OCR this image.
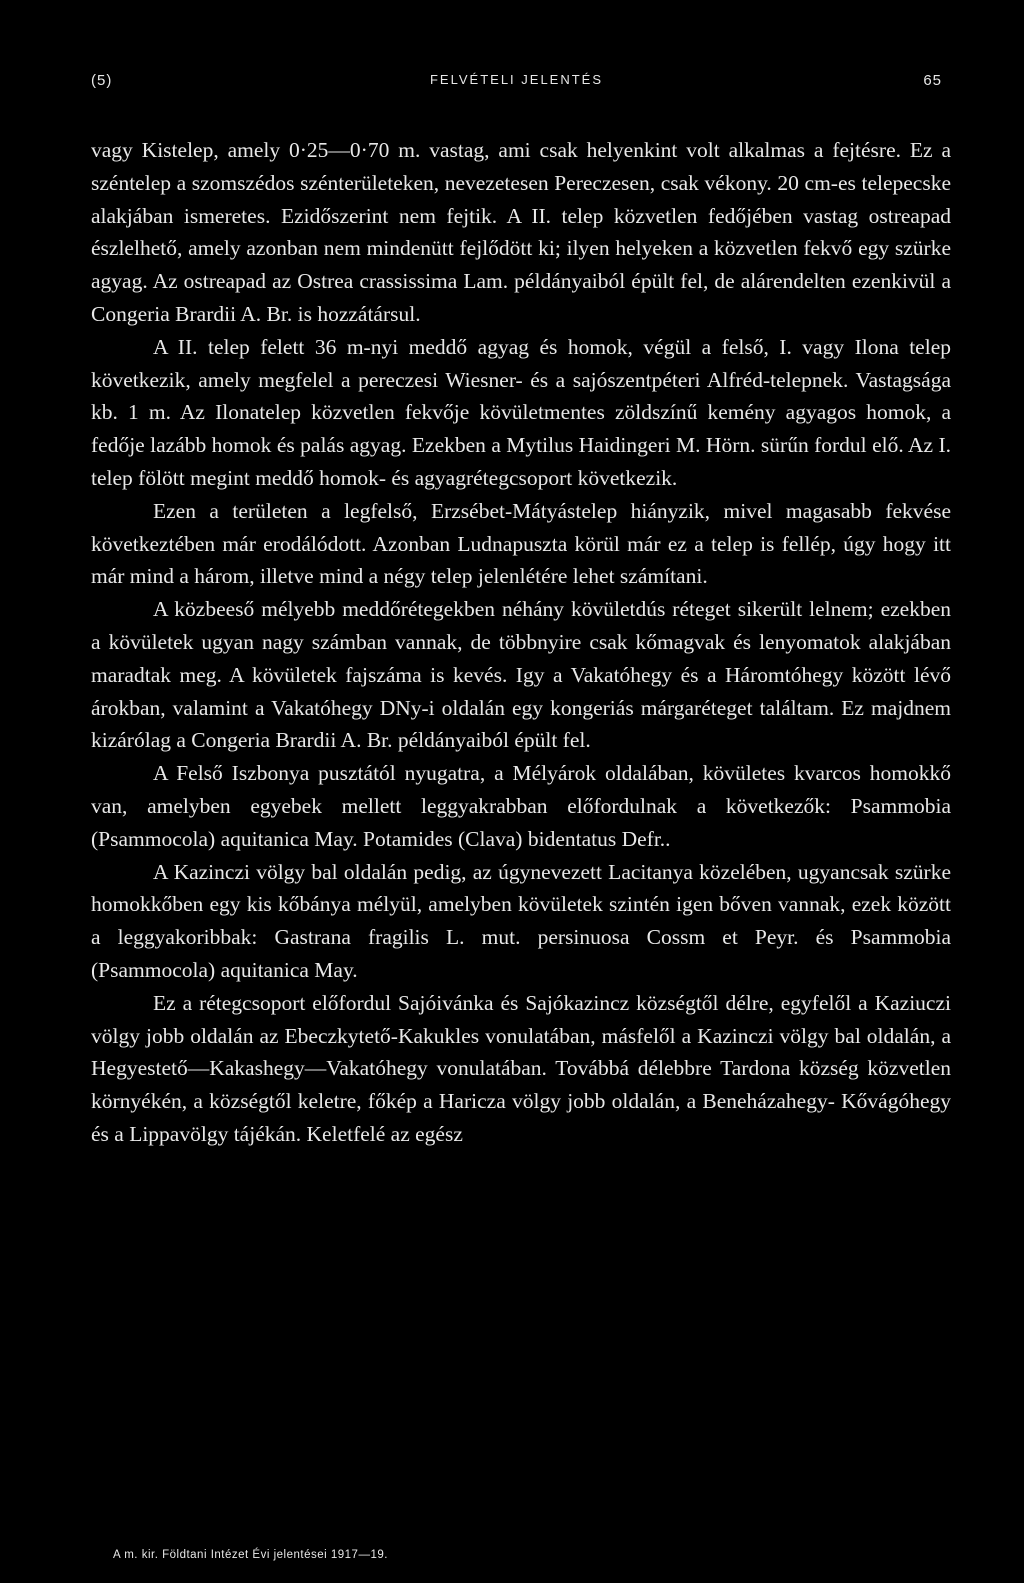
(5)	FELVÉTELI JELENTÉS	65

vagy Kistelep, amely 0·25—0·70 m. vastag, ami csak helyenkint volt alkalmas a fejtésre. Ez a széntelep a szomszédos szénterületeken, nevezetesen Pereczesen, csak vékony. 20 cm-es telepecske alakjában ismeretes. Ezidőszerint nem fejtik. A II. telep közvetlen fedőjében vastag ostreapad észlelhető, amely azonban nem mindenütt fejlődött ki; ilyen helyeken a közvetlen fekvő egy szürke agyag. Az ostreapad az Ostrea crassissima Lam. példányaiból épült fel, de alárendelten ezenkivül a Congeria Brardii A. Br. is hozzátársul.

A II. telep felett 36 m-nyi meddő agyag és homok, végül a felső, I. vagy Ilona telep következik, amely megfelel a pereczesi Wiesner- és a sajószentpéteri Alfréd-telepnek. Vastagsága kb. 1 m. Az Ilonatelep közvetlen fekvője kövületmentes zöldszínű kemény agyagos homok, a fedője lazább homok és palás agyag. Ezekben a Mytilus Haidingeri M. Hörn. sürűn fordul elő. Az I. telep fölött megint meddő homok- és agyagrétegcsoport következik.

Ezen a területen a legfelső, Erzsébet-Mátyástelep hiányzik, mivel magasabb fekvése következtében már erodálódott. Azonban Ludnapuszta körül már ez a telep is fellép, úgy hogy itt már mind a három, illetve mind a négy telep jelenlétére lehet számítani.

A közbeeső mélyebb meddőrétegekben néhány kövületdús réteget sikerült lelnem; ezekben a kövületek ugyan nagy számban vannak, de többnyire csak kőmagvak és lenyomatok alakjában maradtak meg. A kövületek fajszáma is kevés. Igy a Vakatóhegy és a Háromtóhegy között lévő árokban, valamint a Vakatóhegy DNy-i oldalán egy kongeriás márgaréteget találtam. Ez majdnem kizárólag a Congeria Brardii A. Br. példányaiból épült fel.

A Felső Iszbonya pusztától nyugatra, a Mélyárok oldalában, kövületes kvarcos homokkő van, amelyben egyebek mellett leggyakrabban előfordulnak a következők: Psammobia (Psammocola) aquitanica May. Potamides (Clava) bidentatus Defr..

A Kazinczi völgy bal oldalán pedig, az úgynevezett Lacitanya közelében, ugyancsak szürke homokkőben egy kis kőbánya mélyül, amelyben kövületek szintén igen bőven vannak, ezek között a leggyakoribbak: Gastrana fragilis L. mut. persinuosa Cossm et Peyr. és Psammobia (Psammocola) aquitanica May.

Ez a rétegcsoport előfordul Sajóivánka és Sajókazincz községtől délre, egyfelől a Kaziuczi völgy jobb oldalán az Ebeczkytető-Kakukles vonulatában, másfelől a Kazinczi völgy bal oldalán, a Hegyestető—Kakashegy—Vakatóhegy vonulatában. Továbbá délebbre Tardona község közvetlen környékén, a községtől keletre, főkép a Haricza völgy jobb oldalán, a Beneházahegy- Kővágóhegy és a Lippavölgy tájékán. Keletfelé az egész

A m. kir. Földtani Intézet Évi jelentései 1917—19.
